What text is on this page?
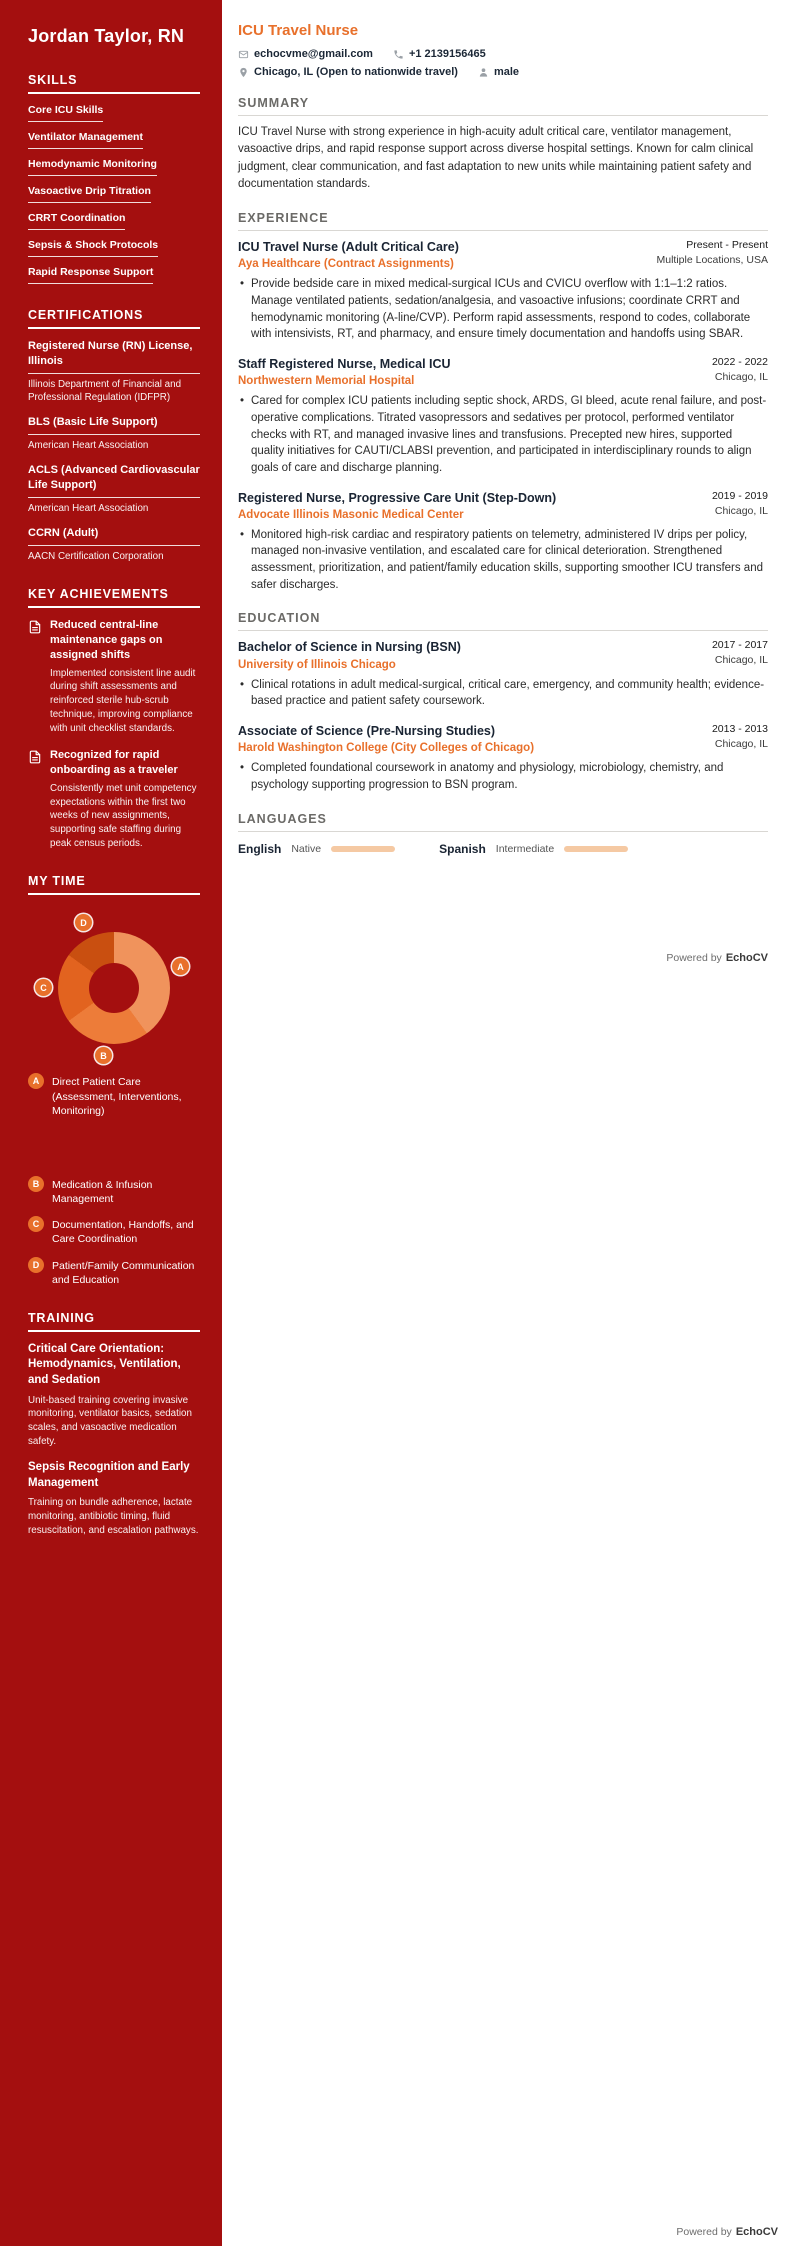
Jordan Taylor, RN
SKILLS
Core ICU Skills
Ventilator Management
Hemodynamic Monitoring
Vasoactive Drip Titration
CRRT Coordination
Sepsis & Shock Protocols
Rapid Response Support
CERTIFICATIONS
Registered Nurse (RN) License, Illinois
Illinois Department of Financial and Professional Regulation (IDFPR)
BLS (Basic Life Support)
American Heart Association
ACLS (Advanced Cardiovascular Life Support)
American Heart Association
CCRN (Adult)
AACN Certification Corporation
KEY ACHIEVEMENTS
Reduced central-line maintenance gaps on assigned shifts
Implemented consistent line audit during shift assessments and reinforced sterile hub-scrub technique, improving compliance with unit checklist standards.
Recognized for rapid onboarding as a traveler
Consistently met unit competency expectations within the first two weeks of new assignments, supporting safe staffing during peak census periods.
MY TIME
A
B
C
D
A	Direct Patient Care (Assessment, Interventions, Monitoring)
B	Medication & Infusion Management
C	Documentation, Handoffs, and Care Coordination
D	Patient/Family Communication and Education
TRAINING
Critical Care Orientation: Hemodynamics, Ventilation, and Sedation
Unit-based training covering invasive monitoring, ventilator basics, sedation scales, and vasoactive medication safety.
Sepsis Recognition and Early Management
Training on bundle adherence, lactate monitoring, antibiotic timing, fluid resuscitation, and escalation pathways.
ICU Travel Nurse
echocvme@gmail.com	+1 2139156465
Chicago, IL (Open to nationwide travel)	male
SUMMARY

ICU Travel Nurse with strong experience in high-acuity adult critical care, ventilator management, vasoactive drips, and rapid response support across diverse hospital settings. Known for calm clinical judgment, clear communication, and fast adaptation to new units while maintaining patient safety and documentation standards.

EXPERIENCE
ICU Travel Nurse (Adult Critical Care)
Aya Healthcare (Contract Assignments)
Present - Present
Multiple Locations, USA
• Provide bedside care in mixed medical-surgical ICUs and CVICU overflow with 1:1–1:2 ratios. Manage ventilated patients, sedation/analgesia, and vasoactive infusions; coordinate CRRT and hemodynamic monitoring (A-line/CVP). Perform rapid assessments, respond to codes, collaborate with intensivists, RT, and pharmacy, and ensure timely documentation and handoffs using SBAR.
Staff Registered Nurse, Medical ICU
Northwestern Memorial Hospital
2022 - 2022
Chicago, IL
• Cared for complex ICU patients including septic shock, ARDS, GI bleed, acute renal failure, and post-operative complications. Titrated vasopressors and sedatives per protocol, performed ventilator checks with RT, and managed invasive lines and transfusions. Precepted new hires, supported quality initiatives for CAUTI/CLABSI prevention, and participated in interdisciplinary rounds to align goals of care and discharge planning.
Registered Nurse, Progressive Care Unit (Step-Down)
Advocate Illinois Masonic Medical Center
2019 - 2019
Chicago, IL
• Monitored high-risk cardiac and respiratory patients on telemetry, administered IV drips per policy, managed non-invasive ventilation, and escalated care for clinical deterioration. Strengthened assessment, prioritization, and patient/family education skills, supporting smoother ICU transfers and safer discharges.
EDUCATION
Bachelor of Science in Nursing (BSN)
University of Illinois Chicago
2017 - 2017
Chicago, IL
• Clinical rotations in adult medical-surgical, critical care, emergency, and community health; evidence-based practice and patient safety coursework.
Associate of Science (Pre-Nursing Studies)
Harold Washington College (City Colleges of Chicago)
2013 - 2013
Chicago, IL
• Completed foundational coursework in anatomy and physiology, microbiology, chemistry, and psychology supporting progression to BSN program.
LANGUAGES
English Native	Spanish Intermediate
Powered by EchoCV
Powered by EchoCV
